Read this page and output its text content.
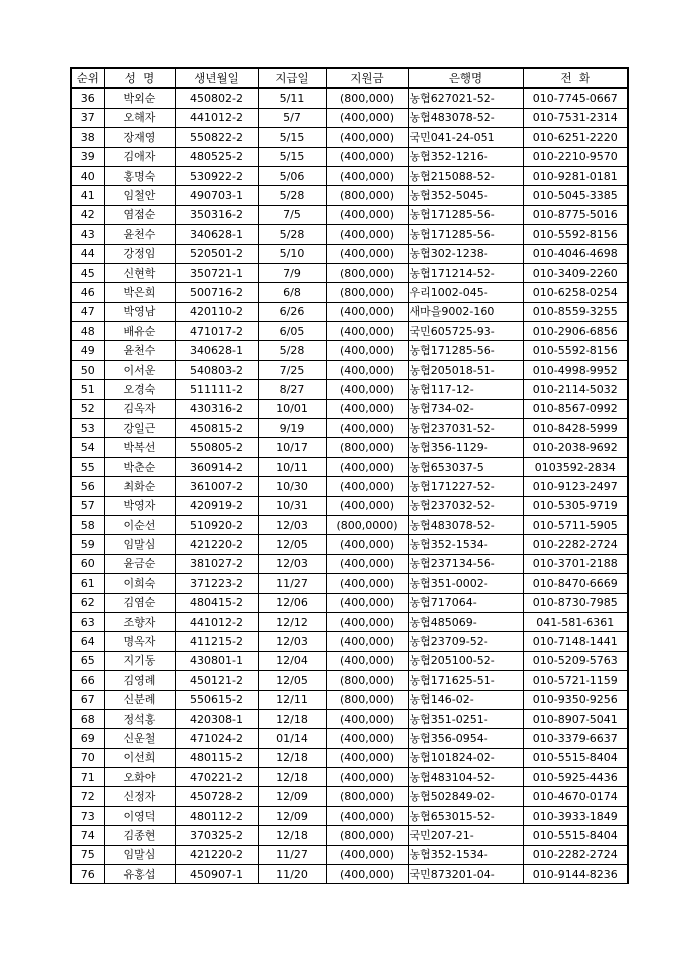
순위	성  명	생년월일	지급일	지원금	은행명	전  화
36	박외순	450802-2	5/11	(800,000)	농협627021-52-	010-7745-0667
37	오해자	441012-2	5/7	(400,000)	농협483078-52-	010-7531-2314
38	장재영	550822-2	5/15	(400,000)	국민041-24-051	010-6251-2220
39	김애자	480525-2	5/15	(400,000)	농협352-1216-	010-2210-9570
40	홍명숙	530922-2	5/06	(400,000)	농협215088-52-	010-9281-0181
41	임철안	490703-1	5/28	(800,000)	농협352-5045-	010-5045-3385
42	염점순	350316-2	7/5	(400,000)	농협171285-56-	010-8775-5016
43	윤천수	340628-1	5/28	(400,000)	농협171285-56-	010-5592-8156
44	강정임	520501-2	5/10	(400,000)	농협302-1238-	010-4046-4698
45	신현학	350721-1	7/9	(800,000)	농협171214-52-	010-3409-2260
46	박은희	500716-2	6/8	(800,000)	우리1002-045-	010-6258-0254
47	박영남	420110-2	6/26	(400,000)	새마을9002-160	010-8559-3255
48	배유순	471017-2	6/05	(400,000)	국민605725-93-	010-2906-6856
49	윤천수	340628-1	5/28	(400,000)	농협171285-56-	010-5592-8156
50	이서운	540803-2	7/25	(400,000)	농협205018-51-	010-4998-9952
51	오경숙	511111-2	8/27	(400,000)	농협117-12-	010-2114-5032
52	김옥자	430316-2	10/01	(400,000)	농협734-02-	010-8567-0992
53	강일근	450815-2	9/19	(400,000)	농협237031-52-	010-8428-5999
54	박복선	550805-2	10/17	(800,000)	농협356-1129-	010-2038-9692
55	박춘순	360914-2	10/11	(400,000)	농협653037-5	0103592-2834
56	최화순	361007-2	10/30	(400,000)	농협171227-52-	010-9123-2497
57	박영자	420919-2	10/31	(400,000)	농협237032-52-	010-5305-9719
58	이순선	510920-2	12/03	(800,0000)	농협483078-52-	010-5711-5905
59	임말심	421220-2	12/05	(400,000)	농협352-1534-	010-2282-2724
60	윤금순	381027-2	12/03	(400,000)	농협237134-56-	010-3701-2188
61	이희숙	371223-2	11/27	(400,000)	농협351-0002-	010-8470-6669
62	김염순	480415-2	12/06	(400,000)	농협717064-	010-8730-7985
63	조향자	441012-2	12/12	(400,000)	농협485069-	041-581-6361
64	명옥자	411215-2	12/03	(400,000)	농협23709-52-	010-7148-1441
65	지기동	430801-1	12/04	(400,000)	농협205100-52-	010-5209-5763
66	김영례	450121-2	12/05	(800,000)	농협171625-51-	010-5721-1159
67	신분례	550615-2	12/11	(800,000)	농협146-02-	010-9350-9256
68	정석홍	420308-1	12/18	(400,000)	농협351-0251-	010-8907-5041
69	신운철	471024-2	01/14	(400,000)	농협356-0954-	010-3379-6637
70	이선희	480115-2	12/18	(400,000)	농협101824-02-	010-5515-8404
71	오화야	470221-2	12/18	(400,000)	농협483104-52-	010-5925-4436
72	신정자	450728-2	12/09	(800,000)	농협502849-02-	010-4670-0174
73	이영덕	480112-2	12/09	(400,000)	농협653015-52-	010-3933-1849
74	김종현	370325-2	12/18	(800,000)	국민207-21-	010-5515-8404
75	임말심	421220-2	11/27	(400,000)	농협352-1534-	010-2282-2724
76	유홍섭	450907-1	11/20	(400,000)	국민873201-04-	010-9144-8236
